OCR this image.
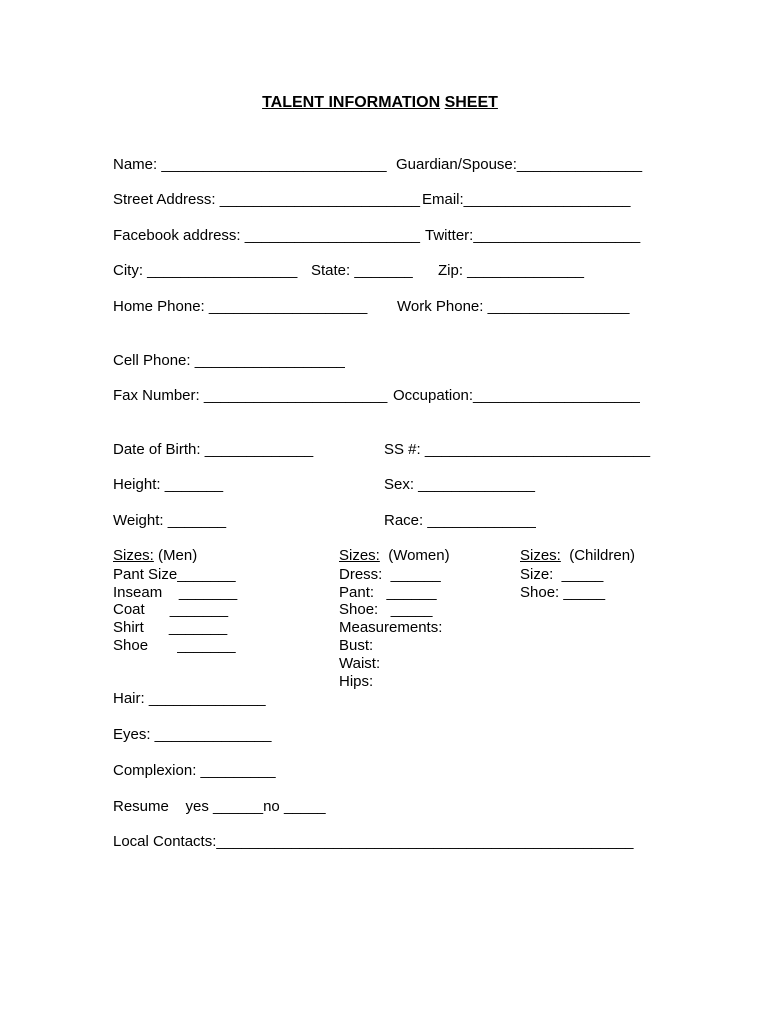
TALENT INFORMATION SHEET
Name: ___________________________ Guardian/Spouse:_______________
Street Address: ________________________ Email:____________________
Facebook address: _____________________ Twitter:____________________
City: __________________ State: _______ Zip: ______________
Home Phone: ___________________ Work Phone: _________________
Cell Phone: __________________
Fax Number: ______________________ Occupation:____________________
Date of Birth: _____________	SS #: ___________________________
Height: _______	Sex: ______________
Weight: _______	Race: _____________
Sizes: (Men)
Pant Size_______
Inseam    _______
Coat      _______
Shirt      _______
Shoe       _______
Sizes:  (Women)
Dress:  ______
Pant:   ______
Shoe:   _____
Measurements:
Bust:
Waist:
Hips:
Sizes:  (Children)
Size:  _____
Shoe: _____
Hair: ______________
Eyes: ______________
Complexion: _________
Resume    yes ______no _____
Local Contacts:__________________________________________________
